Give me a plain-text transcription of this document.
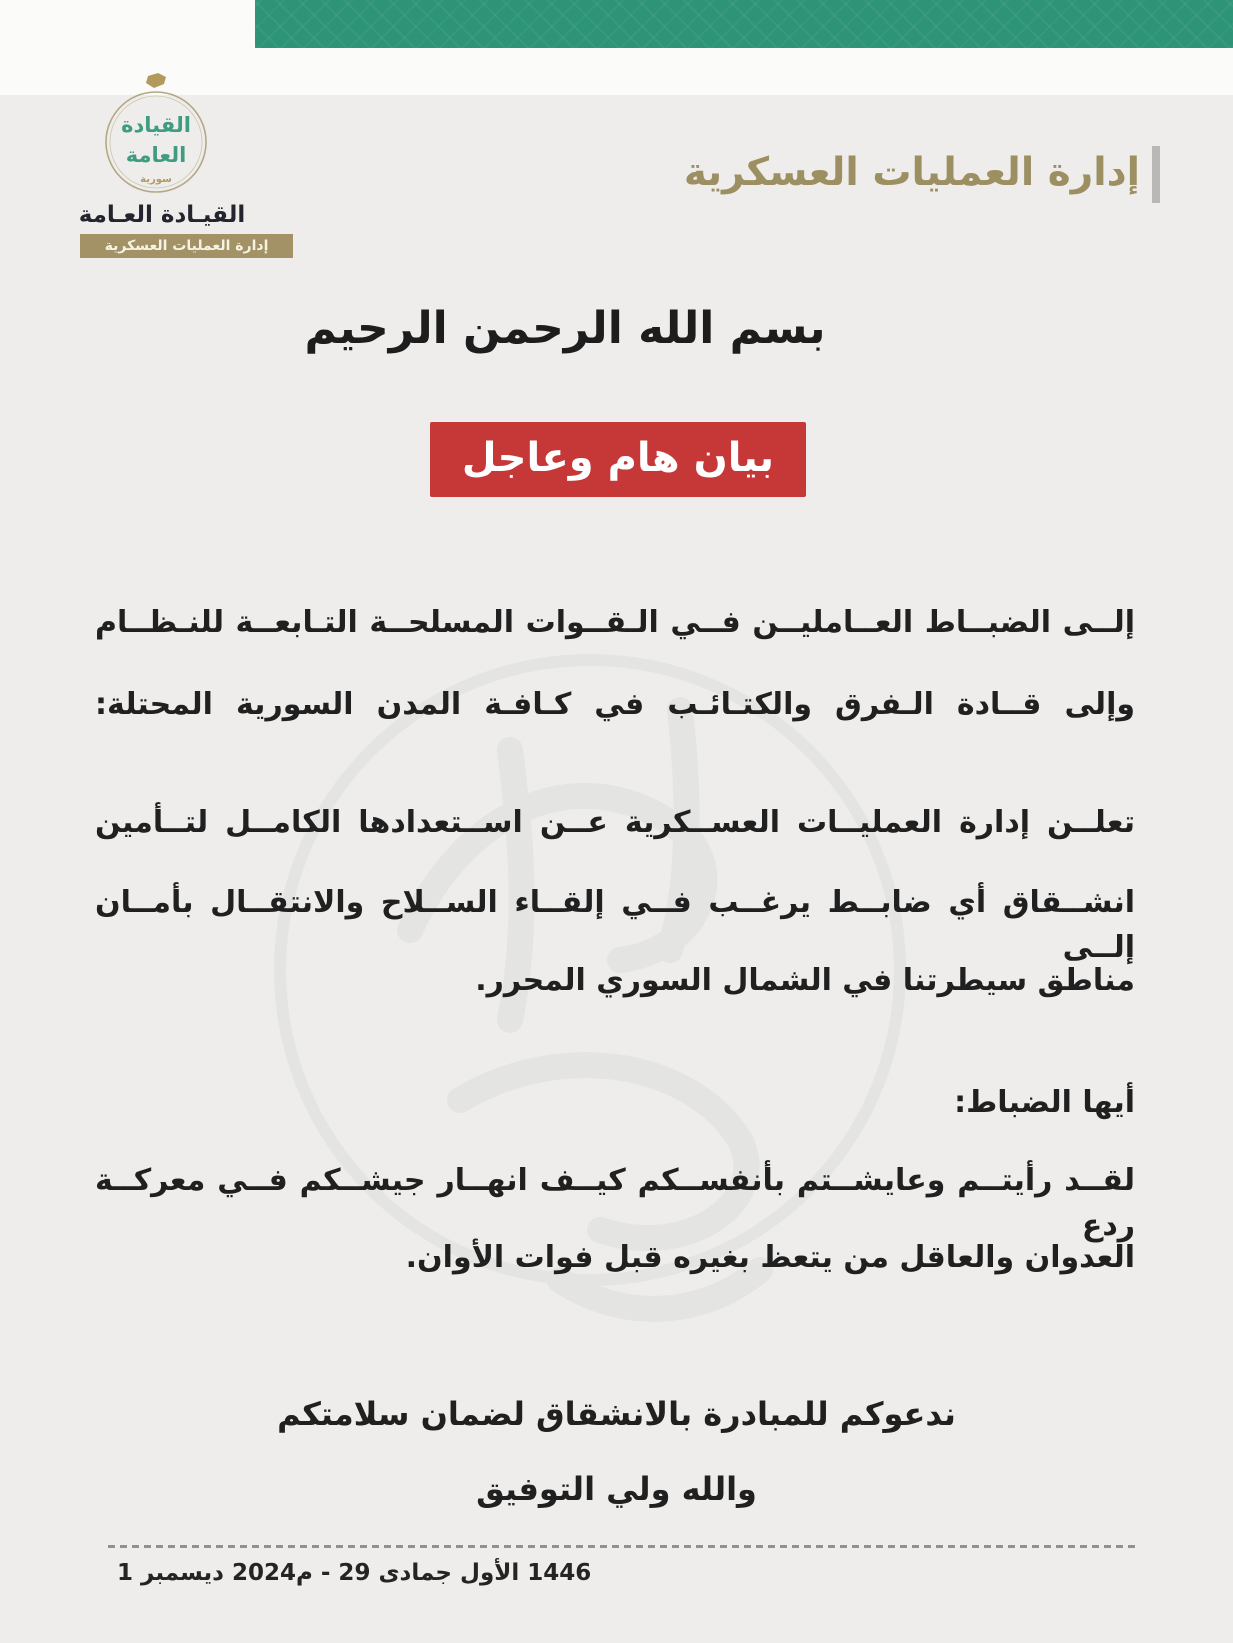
إدارة العمليات العسكرية
القيادة
العامة
سورية
القيـادة العـامة
إدارة العمليات العسكرية
بسم الله الرحمن الرحيم
بيان هام وعاجل
إلــى الضبــاط العــامليــن فــي الـقــوات المسلحــة التـابعــة للنـظــام
وإلى قــادة الـفرق والكتـائـب في كـافـة المدن السورية المحتلة:
تعلــن إدارة العمليــات العســكرية عــن اســتعدادها الكامــل لتــأمين
انشــقاق أي ضابــط يرغــب فــي إلقــاء الســلاح والانتقــال بأمــان إلــى
مناطق سيطرتنا في الشمال السوري المحرر.
أيها الضباط:
لقــد رأيتــم وعايشــتم بأنفســكم كيــف انهــار جيشــكم فــي معركــة ردع
العدوان والعاقل من يتعظ بغيره قبل فوات الأوان.
ندعوكم للمبادرة بالانشقاق لضمان سلامتكم
والله ولي التوفيق
1 ⁨ديسمبر⁩ 2024⁨م⁩ - 29 ⁨جمادى⁩ ⁨الأول⁩ 1446
